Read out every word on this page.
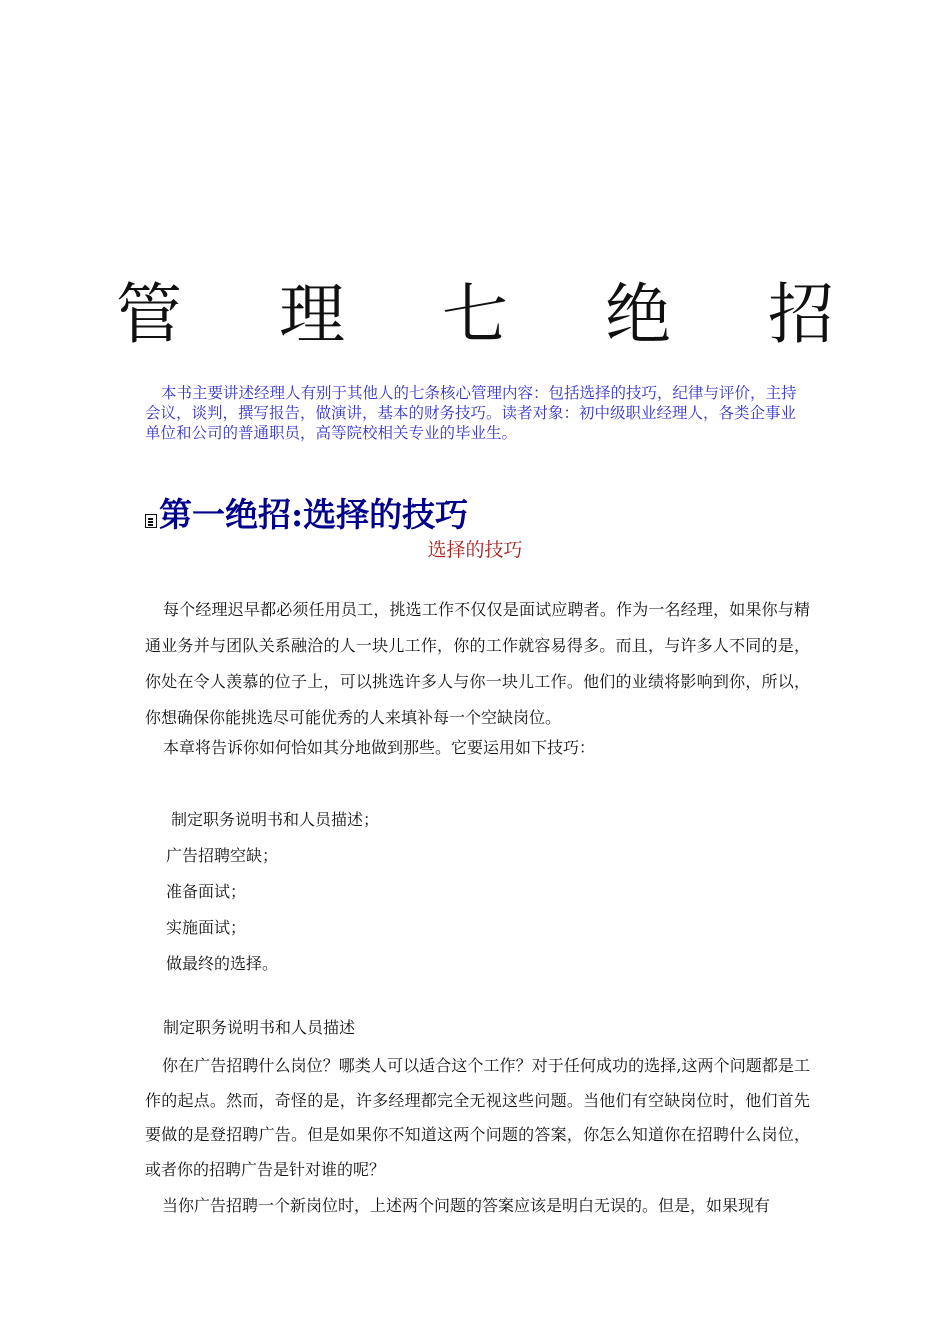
管 理 七 绝 招

本书主要讲述经理人有别于其他人的七条核心管理内容：包括选择的技巧，纪律与评价，主持会议，谈判，撰写报告，做演讲，基本的财务技巧。读者对象：初中级职业经理人，各类企事业单位和公司的普通职员，高等院校相关专业的毕业生。

第一绝招:选择的技巧

选择的技巧

每个经理迟早都必须任用员工，挑选工作不仅仅是面试应聘者。作为一名经理，如果你与精通业务并与团队关系融洽的人一块儿工作，你的工作就容易得多。而且，与许多人不同的是，你处在令人羡慕的位子上，可以挑选许多人与你一块儿工作。他们的业绩将影响到你，所以，你想确保你能挑选尽可能优秀的人来填补每一个空缺岗位。

本章将告诉你如何恰如其分地做到那些。它要运用如下技巧：

制定职务说明书和人员描述；
广告招聘空缺；
准备面试；
实施面试；
做最终的选择。
制定职务说明书和人员描述

你在广告招聘什么岗位？哪类人可以适合这个工作？对于任何成功的选择,这两个问题都是工作的起点。然而，奇怪的是，许多经理都完全无视这些问题。当他们有空缺岗位时，他们首先要做的是登招聘广告。但是如果你不知道这两个问题的答案，你怎么知道你在招聘什么岗位，或者你的招聘广告是针对谁的呢？

当你广告招聘一个新岗位时，上述两个问题的答案应该是明白无误的。但是，如果现有
